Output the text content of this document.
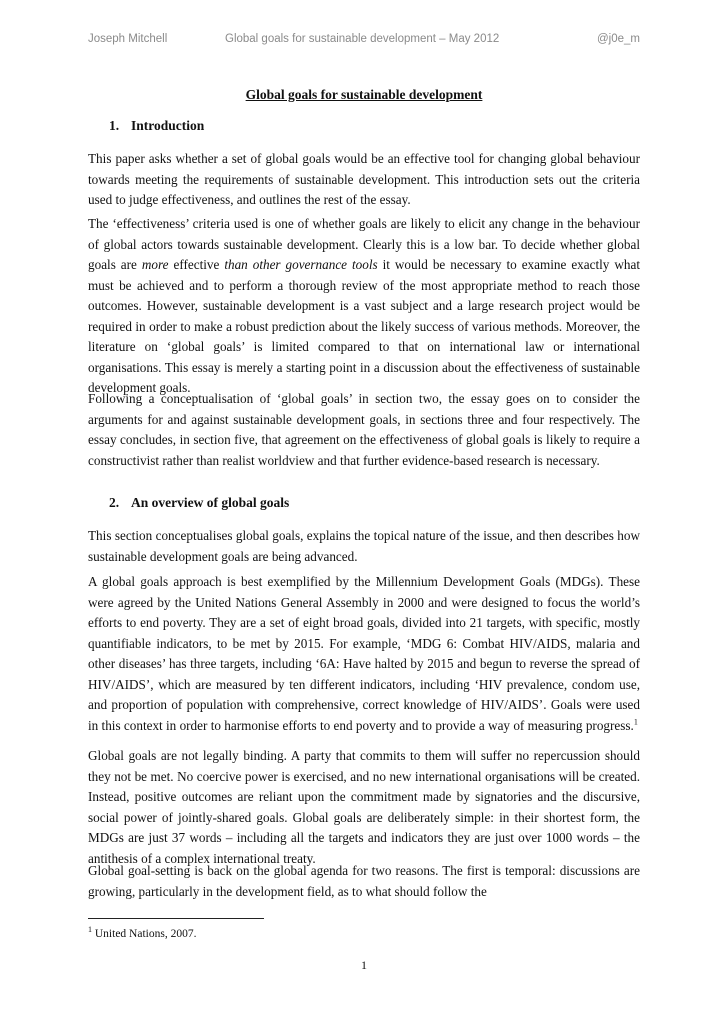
Joseph Mitchell	Global goals for sustainable development – May 2012	@j0e_m
Global goals for sustainable development
1. Introduction

This paper asks whether a set of global goals would be an effective tool for changing global behaviour towards meeting the requirements of sustainable development. This introduction sets out the criteria used to judge effectiveness, and outlines the rest of the essay.

The ‘effectiveness’ criteria used is one of whether goals are likely to elicit any change in the behaviour of global actors towards sustainable development. Clearly this is a low bar. To decide whether global goals are more effective than other governance tools it would be necessary to examine exactly what must be achieved and to perform a thorough review of the most appropriate method to reach those outcomes. However, sustainable development is a vast subject and a large research project would be required in order to make a robust prediction about the likely success of various methods. Moreover, the literature on ‘global goals’ is limited compared to that on international law or international organisations. This essay is merely a starting point in a discussion about the effectiveness of sustainable development goals.

Following a conceptualisation of ‘global goals’ in section two, the essay goes on to consider the arguments for and against sustainable development goals, in sections three and four respectively. The essay concludes, in section five, that agreement on the effectiveness of global goals is likely to require a constructivist rather than realist worldview and that further evidence-based research is necessary.

2. An overview of global goals

This section conceptualises global goals, explains the topical nature of the issue, and then describes how sustainable development goals are being advanced.

A global goals approach is best exemplified by the Millennium Development Goals (MDGs). These were agreed by the United Nations General Assembly in 2000 and were designed to focus the world’s efforts to end poverty. They are a set of eight broad goals, divided into 21 targets, with specific, mostly quantifiable indicators, to be met by 2015. For example, ‘MDG 6: Combat HIV/AIDS, malaria and other diseases’ has three targets, including ‘6A: Have halted by 2015 and begun to reverse the spread of HIV/AIDS’, which are measured by ten different indicators, including ‘HIV prevalence, condom use, and proportion of population with comprehensive, correct knowledge of HIV/AIDS’. Goals were used in this context in order to harmonise efforts to end poverty and to provide a way of measuring progress.$^1$

Global goals are not legally binding. A party that commits to them will suffer no repercussion should they not be met. No coercive power is exercised, and no new international organisations will be created. Instead, positive outcomes are reliant upon the commitment made by signatories and the discursive, social power of jointly-shared goals. Global goals are deliberately simple: in their shortest form, the MDGs are just 37 words – including all the targets and indicators they are just over 1000 words – the antithesis of a complex international treaty.

Global goal-setting is back on the global agenda for two reasons. The first is temporal: discussions are growing, particularly in the development field, as to what should follow the

$^1$ United Nations, 2007.
1
